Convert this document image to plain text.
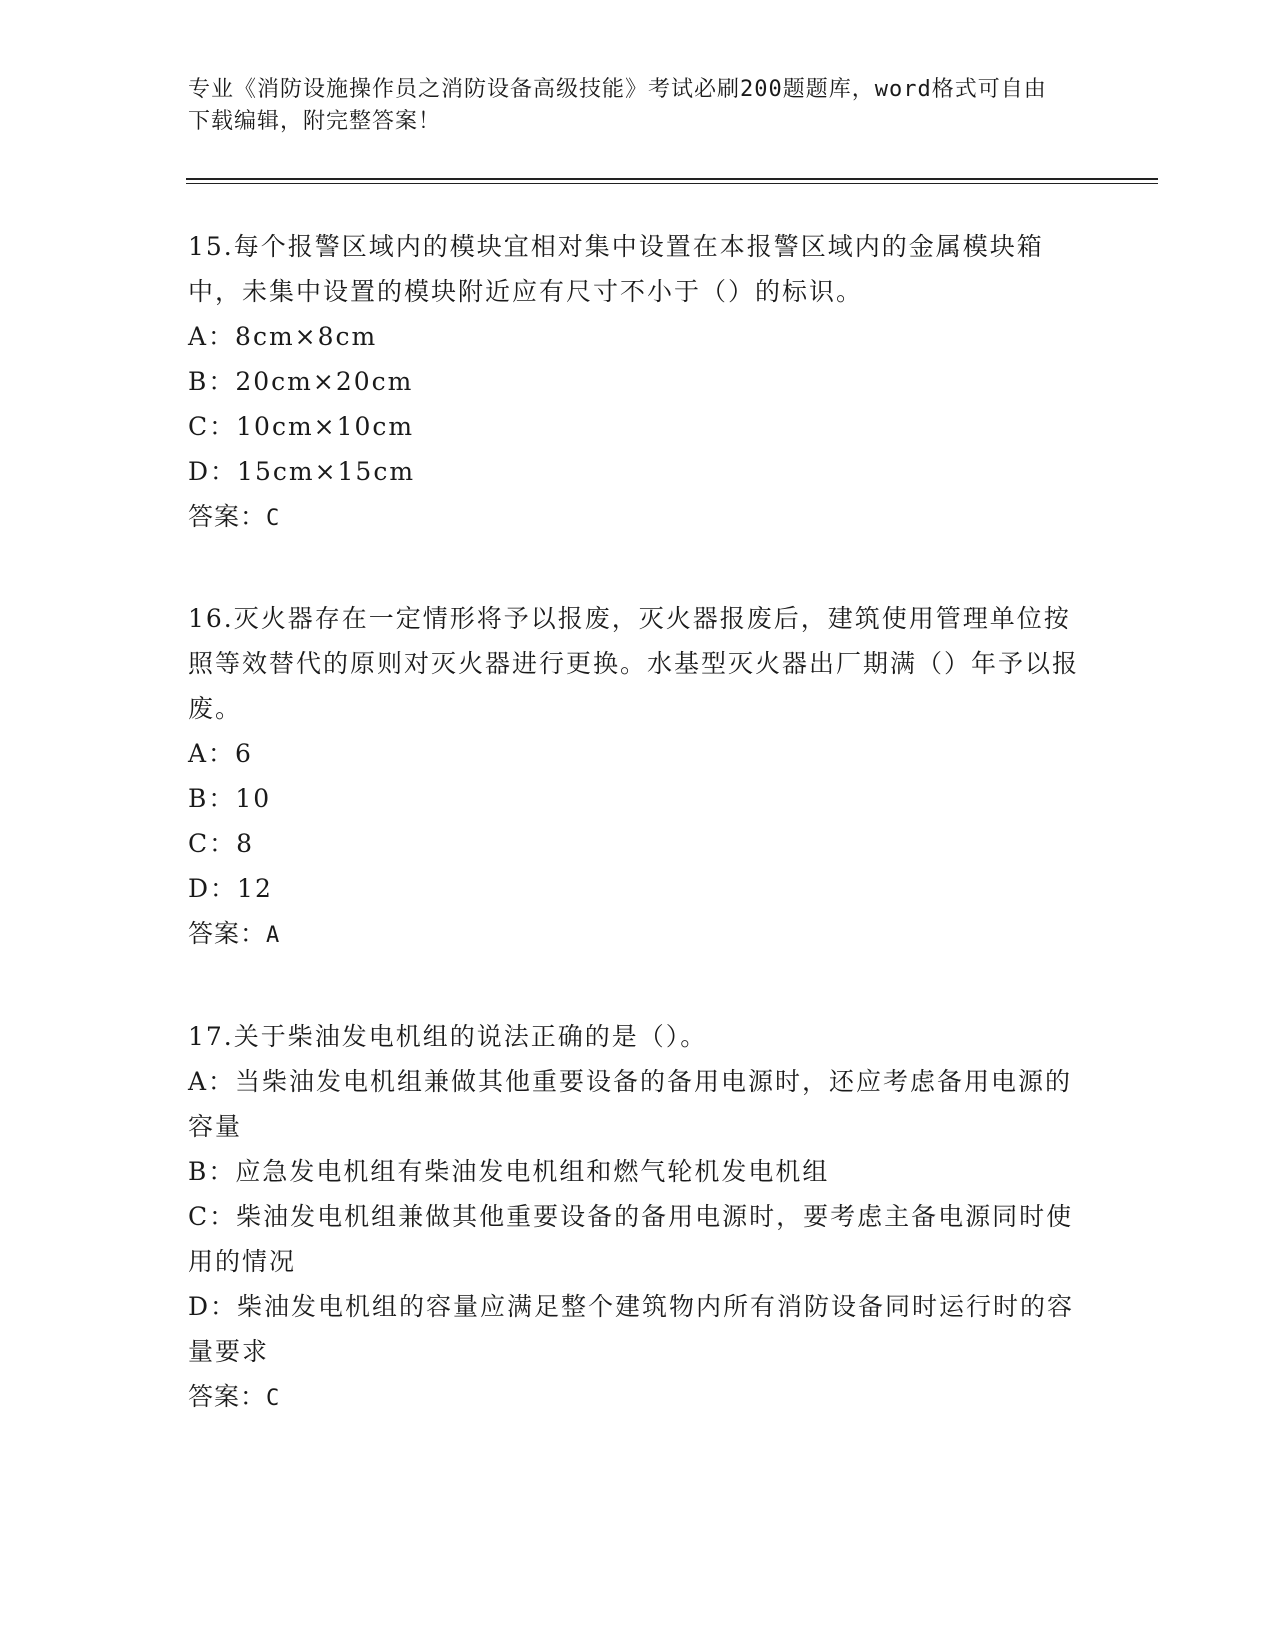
专业《消防设施操作员之消防设备高级技能》考试必刷200题题库，word格式可自由下载编辑，附完整答案！

15.每个报警区域内的模块宜相对集中设置在本报警区域内的金属模块箱中，未集中设置的模块附近应有尺寸不小于（）的标识。

A：8cm×8cm

B：20cm×20cm

C：10cm×10cm

D：15cm×15cm

答案：C

16.灭火器存在一定情形将予以报废，灭火器报废后，建筑使用管理单位按照等效替代的原则对灭火器进行更换。水基型灭火器出厂期满（）年予以报废。

A：6

B：10

C：8

D：12

答案：A

17.关于柴油发电机组的说法正确的是（）。

A：当柴油发电机组兼做其他重要设备的备用电源时，还应考虑备用电源的容量

B：应急发电机组有柴油发电机组和燃气轮机发电机组

C：柴油发电机组兼做其他重要设备的备用电源时，要考虑主备电源同时使用的情况

D：柴油发电机组的容量应满足整个建筑物内所有消防设备同时运行时的容量要求

答案：C
